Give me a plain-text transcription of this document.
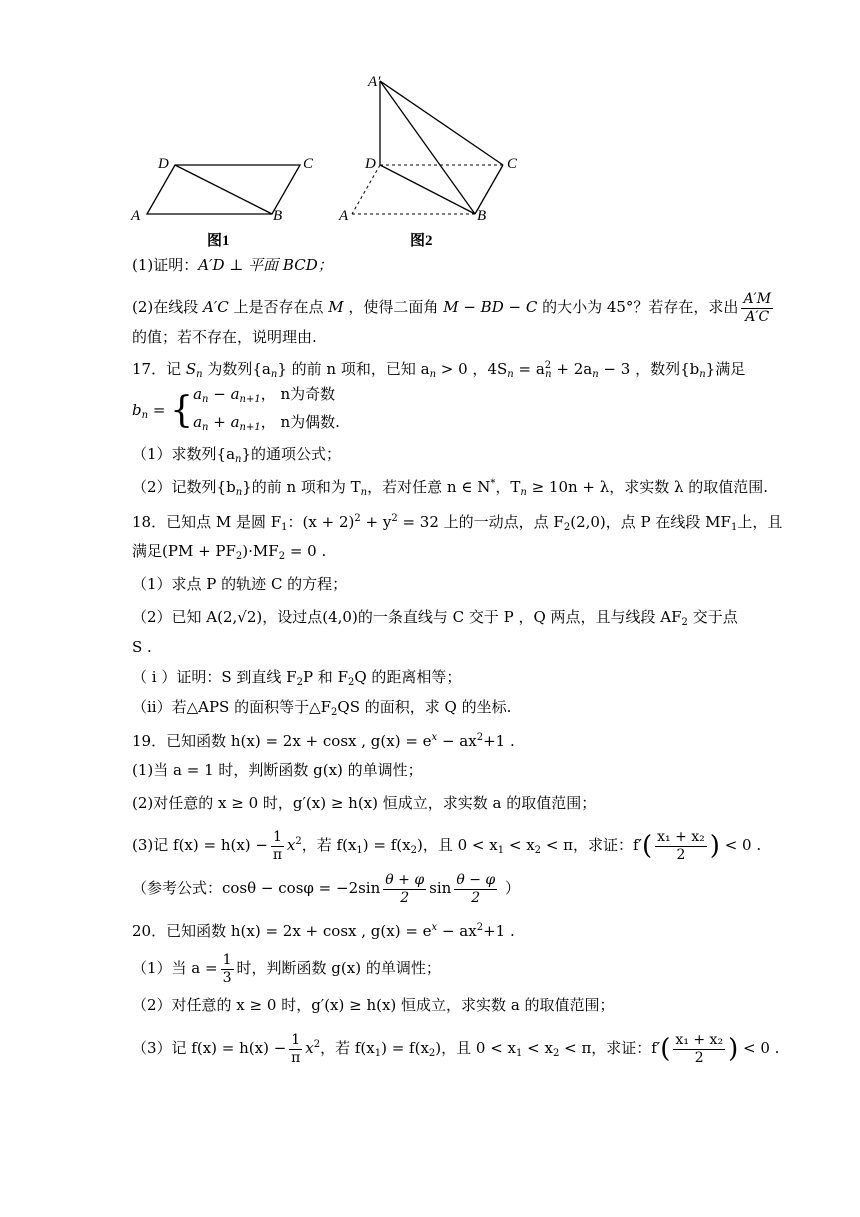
D	C
A	B
图1
A′
D	C
A	B
图2
(1)证明：A′D ⊥ 平面 BCD；
(2)在线段 A′C 上是否存在点 M ，使得二面角 M − BD − C 的大小为 45°？若存在，求出 $\frac{A'M}{A'C}$
的值；若不存在，说明理由.
17．记 $S_n$ 为数列$\{a_n\}$ 的前 n 项和，已知 $a_n > 0$ ，$4S_n = a^2_n + 2a_n - 3$ ，数列$\{b_n\}$满足
$b_n$ = { $a_n - a_{n+1}$， n为奇数
$a_n + a_{n+1}$， n为偶数.
（1）求数列$\{a_n\}$的通项公式；
（2）记数列$\{b_n\}$的前 n 项和为 $T_n$，若对任意 n ∈ N*，$T_n \ge 10n + \lambda$，求实数 λ 的取值范围.
18．已知点 M 是圆 $F_1$：$(x + 2)^2 + y^2 = 32$ 上的一动点，点 $F_2(2,0)$，点 P 在线段 $MF_1$上，且
满足$(PM + PF_2)\cdot MF_2 = 0$ .
（1）求点 P 的轨迹 C 的方程；
（2）已知 A(2,√2)，设过点(4,0)的一条直线与 C 交于 P ，Q 两点，且与线段 $AF_2$ 交于点
S .
（ i ）证明：S 到直线 $F_2P$ 和 $F_2Q$ 的距离相等；
（ii）若△APS 的面积等于$\triangle F_2QS$ 的面积，求 Q 的坐标.
19．已知函数 h(x) = 2x + cosx , $g(x) = e^x - ax^2+1$ .
(1)当 a = 1 时，判断函数 g(x) 的单调性；
(2)对任意的 x ≥ 0 时，g′(x) ≥ h(x) 恒成立，求实数 a 的取值范围；
(3)记 $f(x) = h(x) - \frac{1}{\pi} x^2$，若 $f(x_1) = f(x_2)$，且 $0 < x_1 < x_2 < \pi$，求证：$f'( \frac{\text{x₁ + x₂}}{2}$ ) < 0 .
（参考公式：$\cos\theta - \cos\varphi = -2\sin \frac{\theta + \varphi}{2}$ $\sin \frac{\theta - \varphi}{2}$ ）
20．已知函数 h(x) = 2x + cosx , $g(x) = e^x - ax^2+1$ .
（1）当 $a = \frac{1}{3}$ 时，判断函数 g(x) 的单调性；
（2）对任意的 x ≥ 0 时，g′(x) ≥ h(x) 恒成立，求实数 a 的取值范围；
（3）记 $f(x) = h(x) - \frac{1}{\pi} x^2$，若 $f(x_1) = f(x_2)$，且 $0 < x_1 < x_2 < \pi$，求证：$f'( \frac{\text{x₁ + x₂}}{2}$ ) < 0 .
